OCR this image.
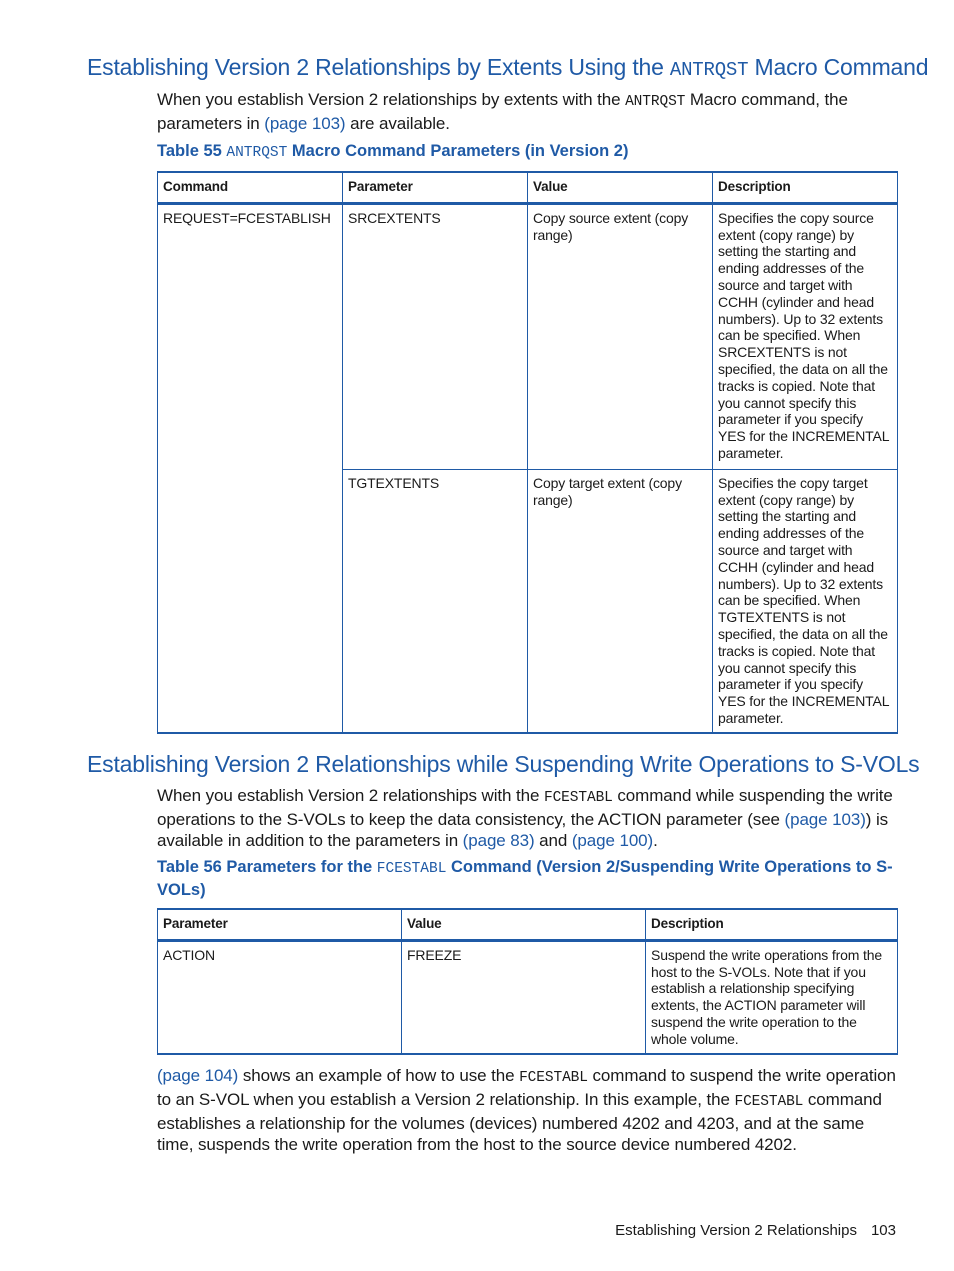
Establishing Version 2 Relationships by Extents Using the ANTRQST Macro Command

When you establish Version 2 relationships by extents with the ANTRQST Macro command, the parameters in (page 103) are available.

Table 55 ANTRQST Macro Command Parameters (in Version 2)
Command	Parameter	Value	Description
REQUEST=FCESTABLISH	SRCEXTENTS	Copy source extent (copy range)	Specifies the copy source extent (copy range) by setting the starting and ending addresses of the source and target with CCHH (cylinder and head numbers). Up to 32 extents can be specified. When SRCEXTENTS is not specified, the data on all the tracks is copied. Note that you cannot specify this parameter if you specify YES for the INCREMENTAL parameter.
	TGTEXTENTS	Copy target extent (copy range)	Specifies the copy target extent (copy range) by setting the starting and ending addresses of the source and target with CCHH (cylinder and head numbers). Up to 32 extents can be specified. When TGTEXTENTS is not specified, the data on all the tracks is copied. Note that you cannot specify this parameter if you specify YES for the INCREMENTAL parameter.
Establishing Version 2 Relationships while Suspending Write Operations to S-VOLs

When you establish Version 2 relationships with the FCESTABL command while suspending the write operations to the S-VOLs to keep the data consistency, the ACTION parameter (see (page 103)) is available in addition to the parameters in (page 83) and (page 100).

Table 56 Parameters for the FCESTABL Command (Version 2/Suspending Write Operations to S-VOLs)
Parameter	Value	Description
ACTION	FREEZE	Suspend the write operations from the host to the S-VOLs. Note that if you establish a relationship specifying extents, the ACTION parameter will suspend the write operation to the whole volume.

(page 104) shows an example of how to use the FCESTABL command to suspend the write operation to an S-VOL when you establish a Version 2 relationship. In this example, the FCESTABL command establishes a relationship for the volumes (devices) numbered 4202 and 4203, and at the same time, suspends the write operation from the host to the source device numbered 4202.

Establishing Version 2 Relationships 103
